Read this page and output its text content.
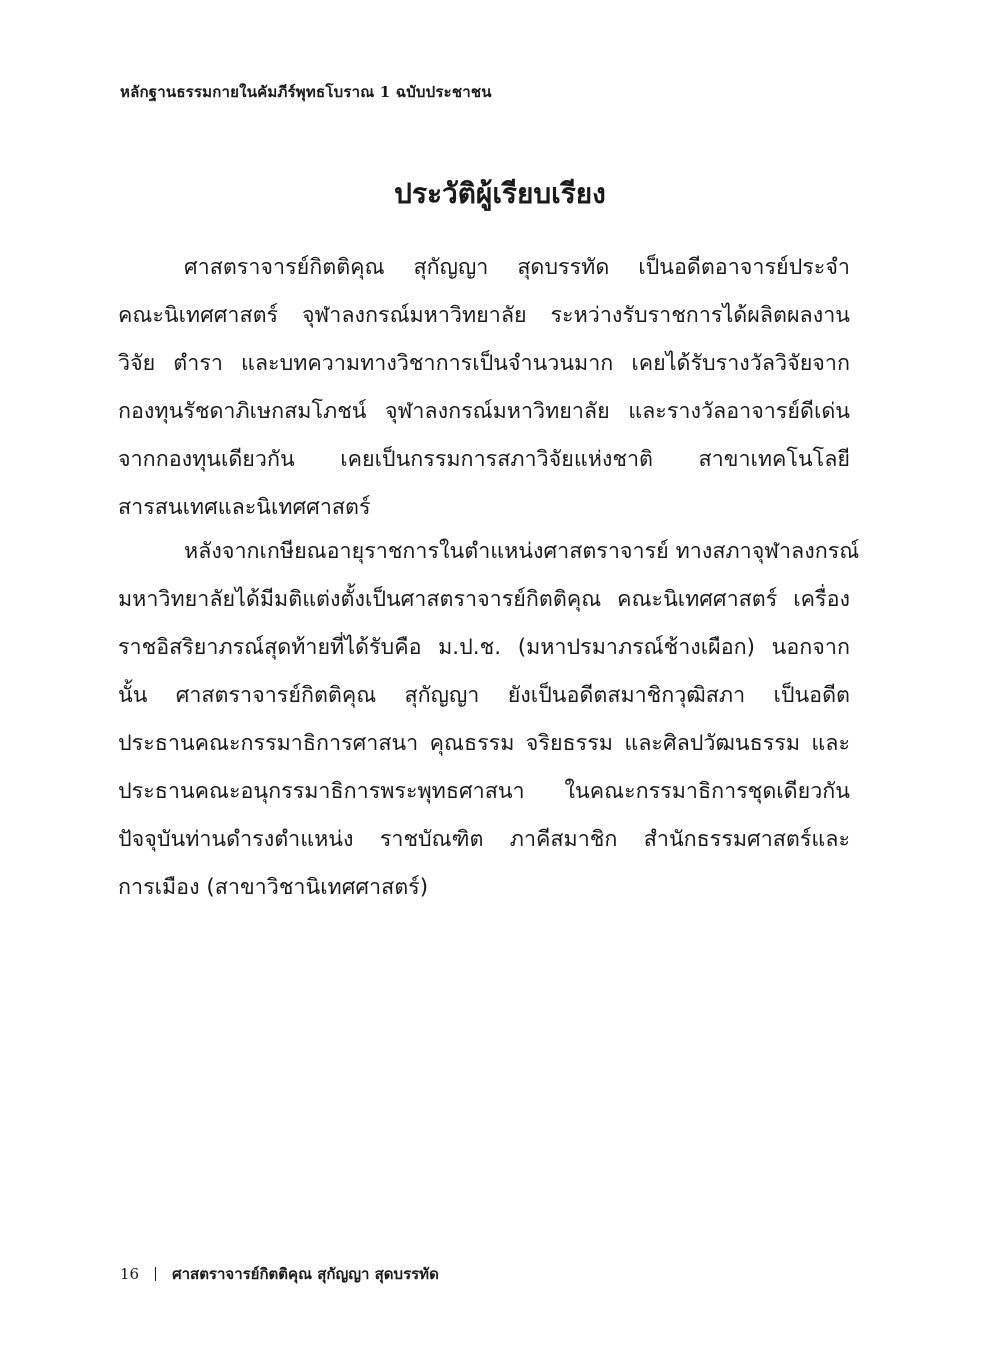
หลักฐานธรรมกายในคัมภีร์พุทธโบราณ 1 ฉบับประชาชน
ประวัติผู้เรียบเรียง
ศาสตราจารย์กิตติคุณ สุกัญญา สุดบรรทัด เป็นอดีตอาจารย์ประจำ
คณะนิเทศศาสตร์ จุฬาลงกรณ์มหาวิทยาลัย ระหว่างรับราชการได้ผลิตผลงาน
วิจัย ตำรา และบทความทางวิชาการเป็นจำนวนมาก เคยได้รับรางวัลวิจัยจาก
กองทุนรัชดาภิเษกสมโภชน์ จุฬาลงกรณ์มหาวิทยาลัย และรางวัลอาจารย์ดีเด่น
จากกองทุนเดียวกัน เคยเป็นกรรมการสภาวิจัยแห่งชาติ สาขาเทคโนโลยี
สารสนเทศและนิเทศศาสตร์
หลังจากเกษียณอายุราชการในตำแหน่งศาสตราจารย์ ทางสภาจุฬาลงกรณ์
มหาวิทยาลัยได้มีมติแต่งตั้งเป็นศาสตราจารย์กิตติคุณ คณะนิเทศศาสตร์ เครื่อง
ราชอิสริยาภรณ์สุดท้ายที่ได้รับคือ ม.ป.ช. (มหาปรมาภรณ์ช้างเผือก) นอกจาก
นั้น ศาสตราจารย์กิตติคุณ สุกัญญา ยังเป็นอดีตสมาชิกวุฒิสภา เป็นอดีต
ประธานคณะกรรมาธิการศาสนา คุณธรรม จริยธรรม และศิลปวัฒนธรรม และ
ประธานคณะอนุกรรมาธิการพระพุทธศาสนา ในคณะกรรมาธิการชุดเดียวกัน
ปัจจุบันท่านดำรงตำแหน่ง ราชบัณฑิต ภาคีสมาชิก สำนักธรรมศาสตร์และ
การเมือง (สาขาวิชานิเทศศาสตร์)
16 ศาสตราจารย์กิตติคุณ สุกัญญา สุดบรรทัด
